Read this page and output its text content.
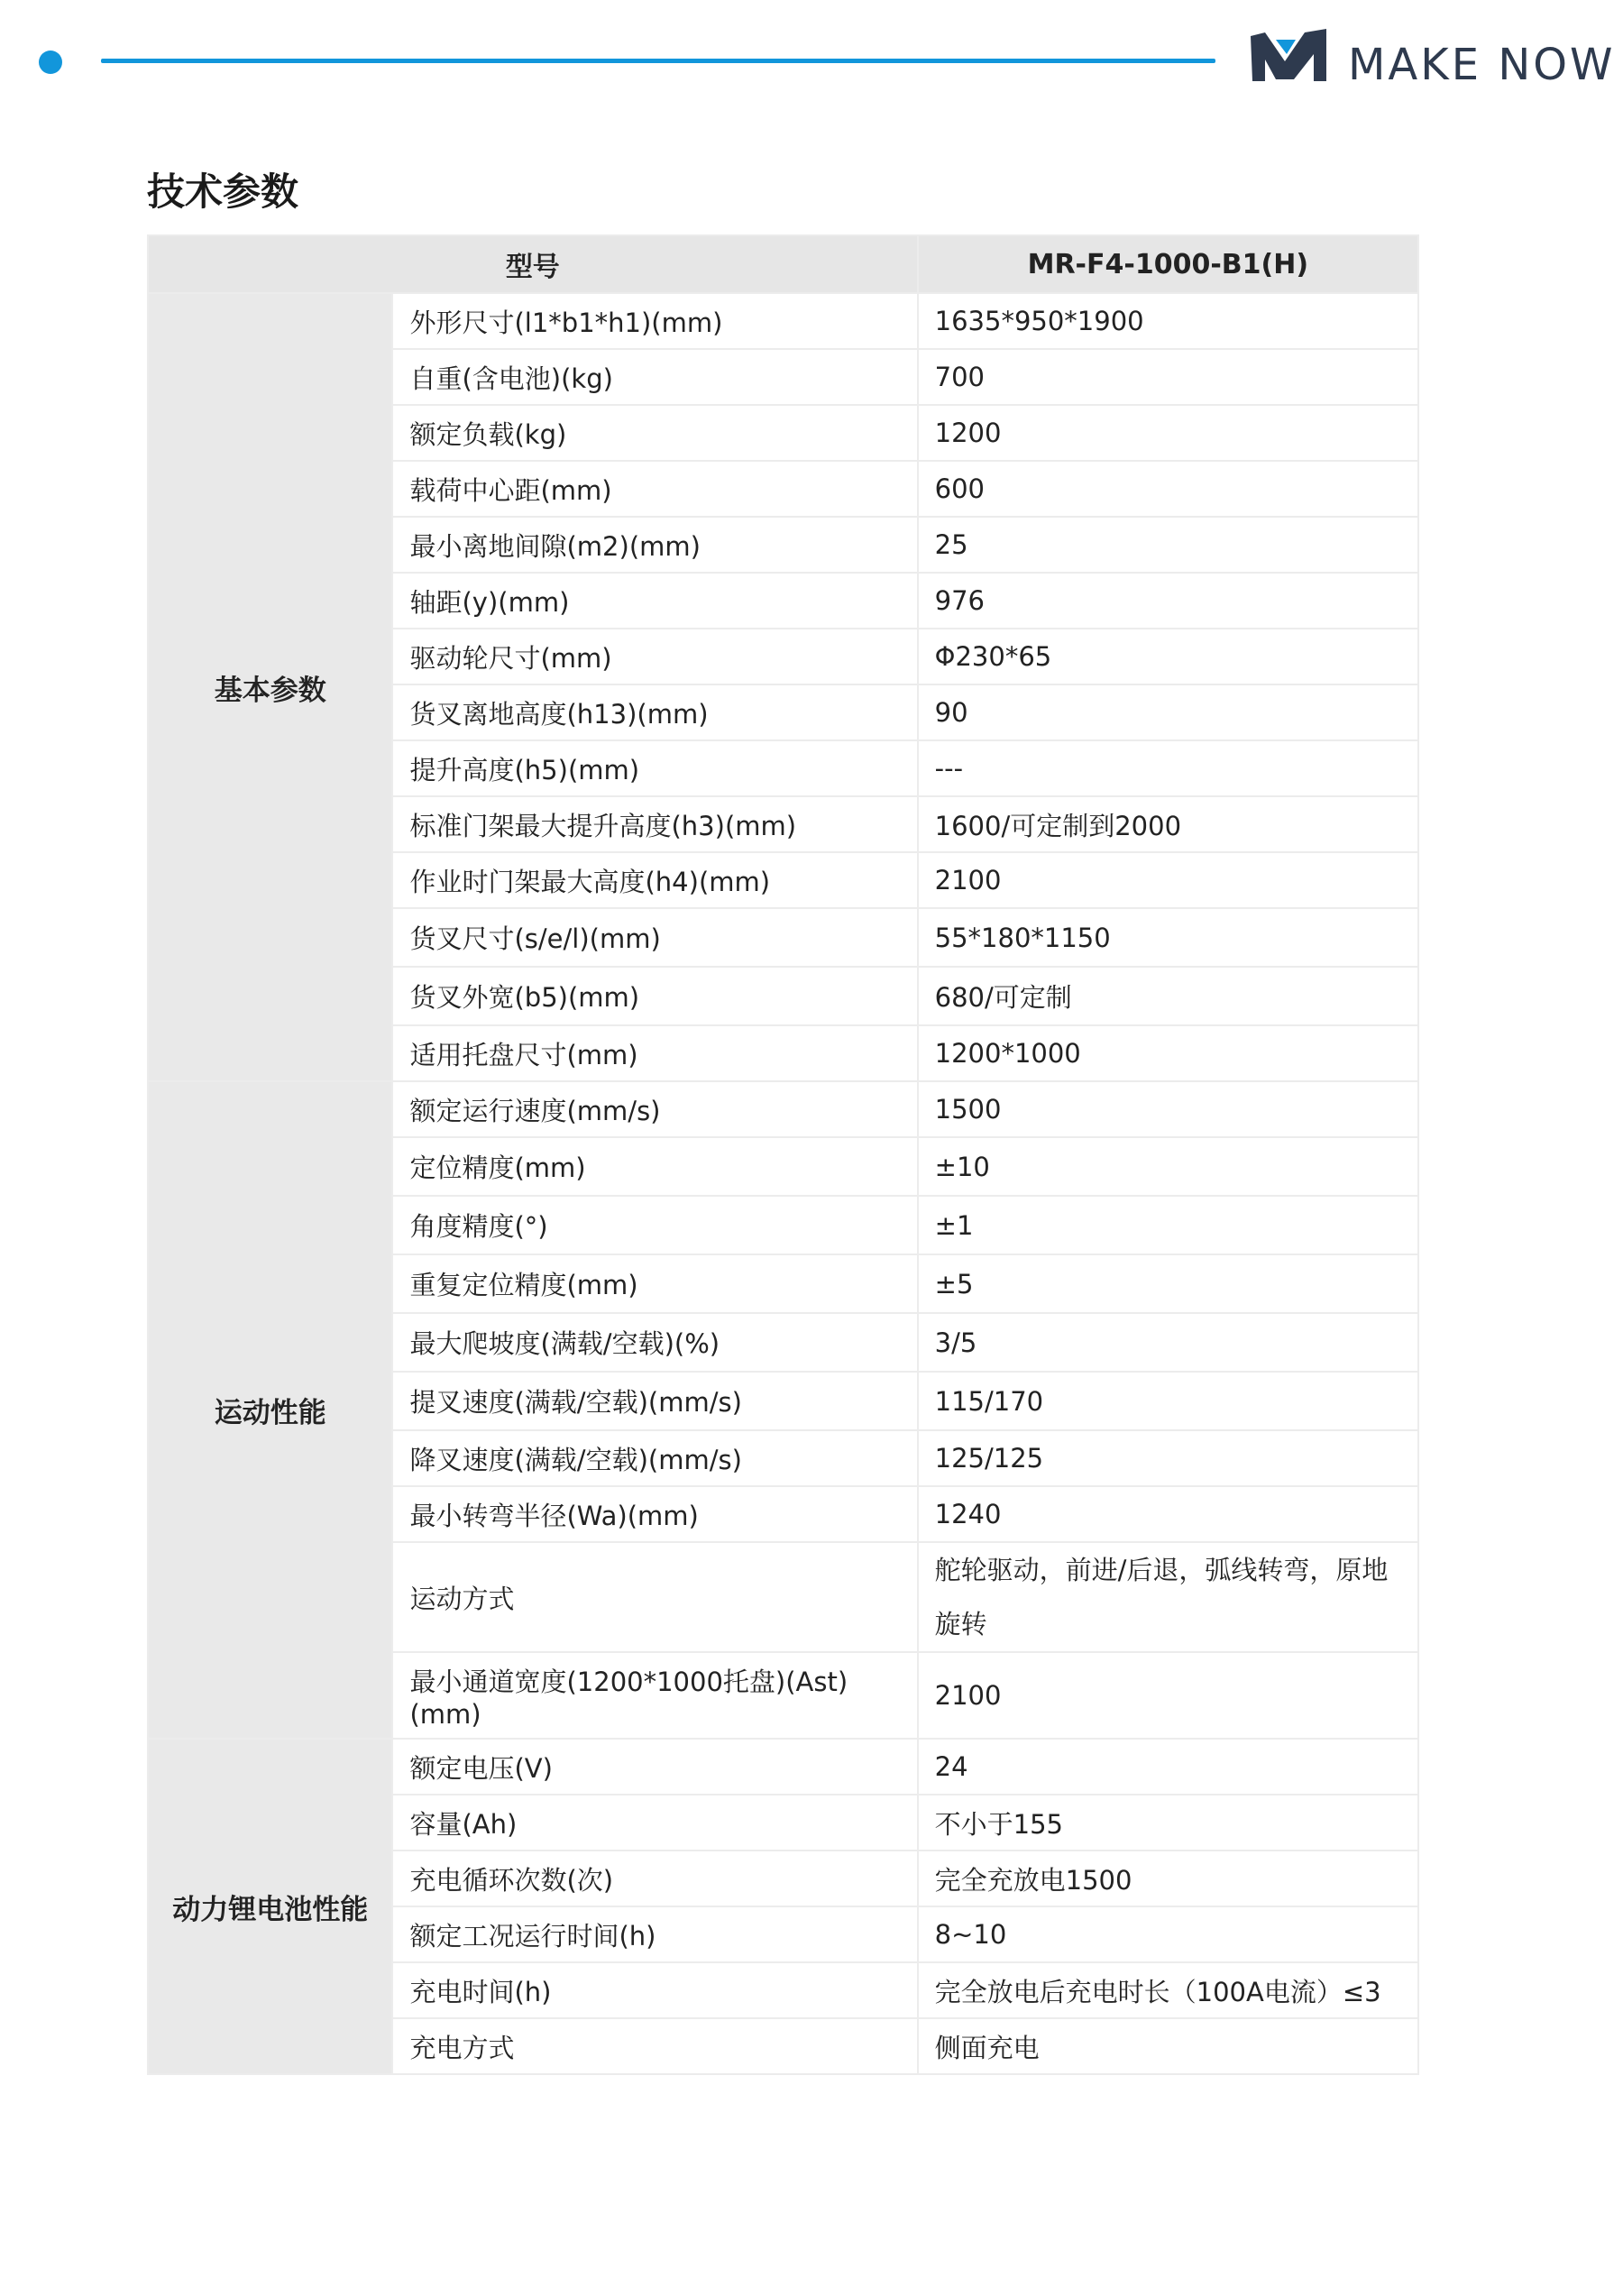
MAKE NOW
技术参数
型号		MR-F4-1000-B1(H)
基本参数	外形尺寸(l1*b1*h1)(mm)	1635*950*1900
	自重(含电池)(kg)	700
	额定负载(kg)	1200
	载荷中心距(mm)	600
	最小离地间隙(m2)(mm)	25
	轴距(y)(mm)	976
	驱动轮尺寸(mm)	Φ230*65
	货叉离地高度(h13)(mm)	90
	提升高度(h5)(mm)	---
	标准门架最大提升高度(h3)(mm)	1600/可定制到2000
	作业时门架最大高度(h4)(mm)	2100
	货叉尺寸(s/e/l)(mm)	55*180*1150
	货叉外宽(b5)(mm)	680/可定制
	适用托盘尺寸(mm)	1200*1000
运动性能	额定运行速度(mm/s)	1500
	定位精度(mm)	±10
	角度精度(°)	±1
	重复定位精度(mm)	±5
	最大爬坡度(满载/空载)(%)	3/5
	提叉速度(满载/空载)(mm/s)	115/170
	降叉速度(满载/空载)(mm/s)	125/125
	最小转弯半径(Wa)(mm)	1240
	运动方式	舵轮驱动，前进/后退，弧线转弯，原地旋转
	最小通道宽度(1200*1000托盘)(Ast)(mm)	2100
动力锂电池性能	额定电压(V)	24
	容量(Ah)	不小于155
	充电循环次数(次)	完全充放电1500
	额定工况运行时间(h)	8~10
	充电时间(h)	完全放电后充电时长（100A电流）≤3
	充电方式	侧面充电
